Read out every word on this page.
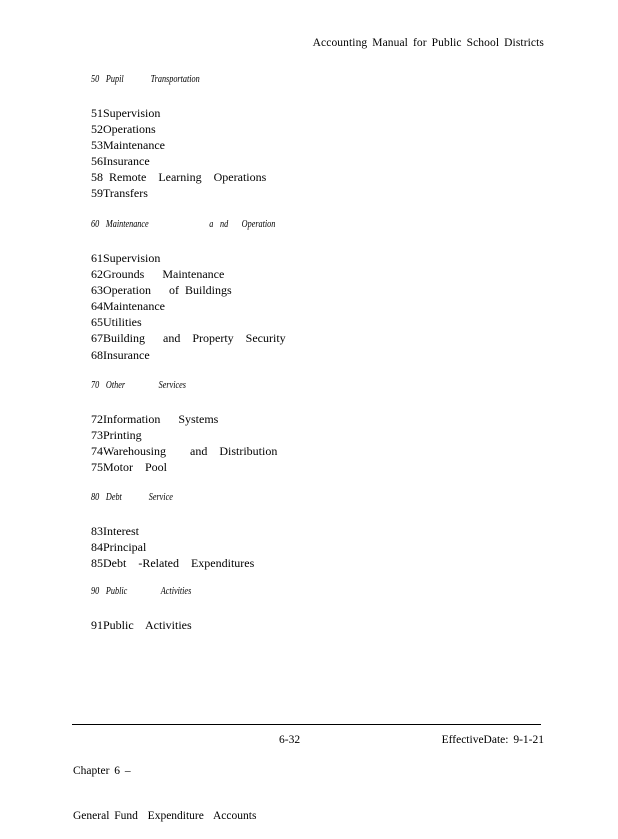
Accounting Manual for Public School Districts
50 Pupil    Transportation
51Supervision
52Operations
53Maintenance
56Insurance
58 Remote  Learning  Operations
59Transfers
60 Maintenance         a nd  Operation
61Supervision
62Grounds   Maintenance
63Operation   of Buildings
64Maintenance
65Utilities
67Building   and  Property  Security
68Insurance
70 Other     Services
72Information   Systems
73Printing
74Warehousing    and  Distribution
75Motor  Pool
80 Debt    Service
83Interest
84Principal
85Debt  -Related  Expenditures
90 Public     Activities
91Public  Activities

Chapter 6 –

General Fund  Expenditure  Accounts

6-32	EffectiveDate: 9-1-21
